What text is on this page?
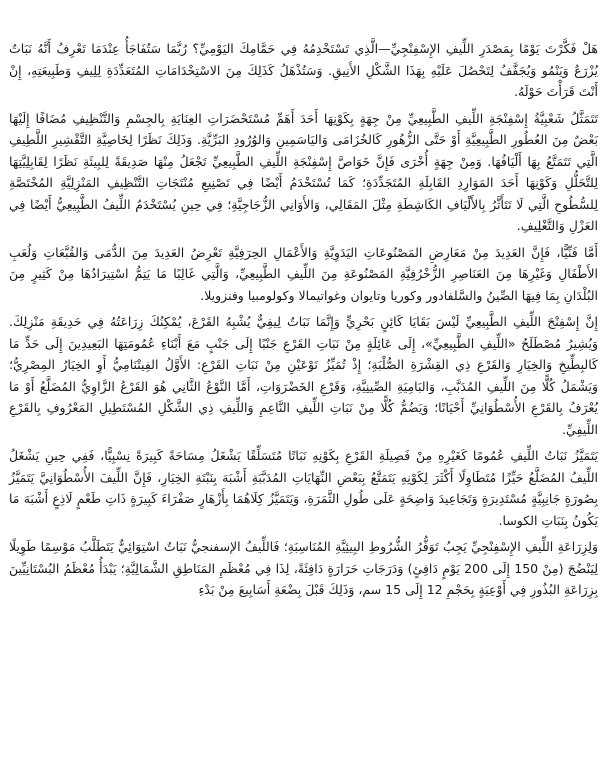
هَلْ فَكَّرْتَ يَوْمًا بِمَصْدَرِ اللِّيفِ الإِسْفِنْجِيِّ—الَّذِي تَسْتَخْدِمُهُ فِي حَمَّامِكَ اليَوْمِيِّ؟ رُبَّمَا سَتُفَاجَأُ عِنْدَمَا تَعْرِفُ أَنَّهُ نَبَاتٌ يُزْرَعُ وَيَنْمُو وَيُجَفَّفُ لِتَحْصُلَ عَلَيْهِ بِهَذَا الشَّكْلِ الأَنِيقِ. وَسَتُذْهَلُ كَذَلِكَ مِنَ الاسْتِخْدَامَاتِ المُتَعَدِّدَةِ لِلِيفِ وَطَبِيعَتِهِ، إِنْ أَنْتَ قَرَأْتَ حَوْلَهُ.

تَتَمَثَّلُ شَعْبِيَّةُ إِسْفِنْجَةِ اللِّيفِ الطَّبِيعِيِّ مِنْ جِهَةٍ بِكَوْنِهَا أَحَدَ أَهَمِّ مُسْتَحْضَرَاتِ العِنَايَةِ بِالجِسْمِ وَالتَّنْظِيفِ مُضَافًا إِلَيْهَا بَعْضٌ مِنَ العُطُورِ الطَّبِيعِيَّةِ أَوْ حَتَّى الزُّهُورِ كَالخُزَامَى وَاليَاسَمِينِ وَالوُرُودِ البَرِّيَّةِ. وَذَلِكَ نَظَرًا لِخَاصِيَّةِ التَّقْشِيرِ اللَّطِيفِ الَّتِي تَتَمَتَّعُ بِهَا أَلْيَافُهَا. وَمِنْ جِهَةٍ أُخْرَى فَإِنَّ خَوَاصَّ إِسْفِنْجَةِ اللِّيفِ الطَّبِيعِيِّ تَجْعَلُ مِنْهَا صَدِيقَةً لِلبِيئَةِ نَظَرًا لِقَابِلِيَّتِهَا لِلتَّحَلُّلِ وَكَوْنِهَا أَحَدَ المَوَارِدِ القَابِلَةِ المُتَجَدِّدَةِ؛ كَمَا تُسْتَخْدَمُ أَيْضًا فِي تَصْنِيعِ مُنْتَجَاتِ التَّنْظِيفِ المَنْزِلِيَّةِ المُخْتَصَّةِ لِلسُّطُوحِ الَّتِي لَا تَتَأَثَّرُ بِالأَلْيَافِ الكَاشِطَةِ مِثْلَ المَقَالِي، وَالأَوَانِي الزُّجَاجِيَّةِ؛ فِي حِينِ يُسْتَخْدَمُ اللِّيفُ الطَّبِيعِيُّ أَيْضًا فِي العَزْلِ وَالتَّغْلِيفِ.

أَمَّا فَنِّيًّا، فَإِنَّ العَدِيدَ مِنْ مَعَارِضِ المَصْنُوعَاتِ اليَدَوِيَّةِ وَالأَعْمَالِ الحِرَفِيَّةِ تَعْرِضُ العَدِيدَ مِنَ الدُّمَى وَالقُبَّعَاتِ وَلُعَبِ الأَطْفَالِ وَغَيْرِهَا مِنَ العَنَاصِرِ الزُّخْرُفِيَّةِ المَصْنُوعَةِ مِنَ اللِّيفِ الطَّبِيعِيِّ، وَالَّتِي غَالِبًا مَا يَتِمُّ اسْتِيرَادُهَا مِنْ كَثِيرٍ مِنَ البُلْدَانِ بِمَا فِيهَا الصِّينُ والسَّلفادور وكوريا وتايوان وغواتيمالا وكولومبيا وفنزويلا.

إِنَّ إِسْفِنْجَ اللِّيفِ الطَّبِيعِيِّ لَيْسَ بَقَايَا كَائِنٍ بَحْرِيٍّ وَإِنَّمَا نَبَاتٌ لِيفِيٌّ يُشْبِهُ القَرْعَ، يُمْكِنُكَ زِرَاعَتُهُ فِي حَدِيقَةِ مَنْزِلِكَ. وَيُشِيرُ مُصْطَلَحُ «اللِّيفِ الطَّبِيعِيِّ»، إِلَى عَائِلَةٍ مِنْ نَبَاتِ القَرْعِ جَنْبًا إِلَى جَنْبٍ مَعَ أَبْنَاءِ عُمُومَتِهَا البَعِيدِينَ إِلَى حَدٍّ مَا كَالبِطِّيخِ وَالخِيَارِ وَالقَرْعِ ذِي القِشْرَةِ الصُّلْبَةِ؛ إِذْ تُمَيِّزُ نَوْعَيْنِ مِنْ نَبَاتِ القَرْعِ: الأَوَّلُ الفِيتْنَامِيُّ أَوِ الخِيَارُ المِصْرِيُّ؛ وَيَشْمَلُ كُلًّا مِنَ اللِّيفِ المُدَبَّبِ، وَالبَامِيَةِ الصِّينِيَّةِ، وَقَرْعِ الخَضْرَوَاتِ، أَمَّا النَّوْعُ الثَّانِي هُوَ القَرْعُ الزَّاوِيُّ المُضَلَّعُ أَوْ مَا يُعْرَفُ بِالقَرْعِ الأُسْطُوَانِيِّ أَحْيَانًا؛ وَيَضُمُّ كُلًّا مِنْ نَبَاتِ اللِّيفِ النَّاعِمِ وَاللِّيفِ ذِي الشَّكْلِ المُسْتَطِيلِ المَعْرُوفِ بِالقَرْعِ اللِّيفِيِّ.

يَتَمَيَّزُ نَبَاتُ اللِّيفِ عُمُومًا كَغَيْرِهِ مِنْ فَصِيلَةِ القَرْعِ بِكَوْنِهِ نَبَاتًا مُتَسَلِّقًا يَشْغَلُ مِسَاحَةً كَبِيرَةً نِسْبِيًّا، فَفِي حِينِ يَشْغَلُ اللِّيفُ المُضَلَّعُ حَيِّزًا مُتَطَاوِلًا أَكْثَرَ لِكَوْنِهِ يَتَمَتَّعُ بِبَعْضِ النِّهَايَاتِ المُدَبَّبَةِ أَشْبَهَ بِنَبْتَةِ الخِيَارِ، فَإِنَّ اللِّيفَ الأُسْطُوَانِيَّ يَتَمَيَّزُ بِصُورَةٍ جَانِبِيَّةٍ مُسْتَدِيرَةٍ وَتَجَاعِيدَ وَاضِحَةٍ عَلَى طُولِ الثَّمَرَةِ، وَيَتَمَيَّزُ كِلَاهُمَا بِأَزْهَارٍ صَفْرَاءَ كَبِيرَةٍ ذَاتِ طَعْمٍ لَاذِعٍ أَشْبَهَ مَا يَكُونُ بِنَبَاتِ الكوسا.

وَلِزِرَاعَةِ اللِّيفِ الإِسْفِنْجِيِّ يَجِبُ تَوَفُّرُ الشُّرُوطِ البِيئِيَّةِ المُنَاسِبَةِ؛ فَاللِّيفُ الإسفنجيُّ نَبَاتٌ اسْتِوَائِيٌّ يَتَطَلَّبُ مَوْسِمًا طَوِيلًا لِيَنْضُجَ (مِنْ 150 إِلَى 200 يَوْمٍ دَافِئٍ) وَدَرَجَاتِ حَرَارَةٍ دَافِئَةً، لِذَا فِي مُعْظَمِ المَنَاطِقِ الشَّمَالِيَّةِ؛ يَبْدَأُ مُعْظَمُ البُسْتَانِيِّينَ بِزِرَاعَةِ البُذُورِ فِي أَوْعِيَةٍ بِحَجْمِ 12 إِلَى 15 سم، وَذَلِكَ قَبْلَ بِضْعَةِ أَسَابِيعَ مِنْ بَدْءِ
